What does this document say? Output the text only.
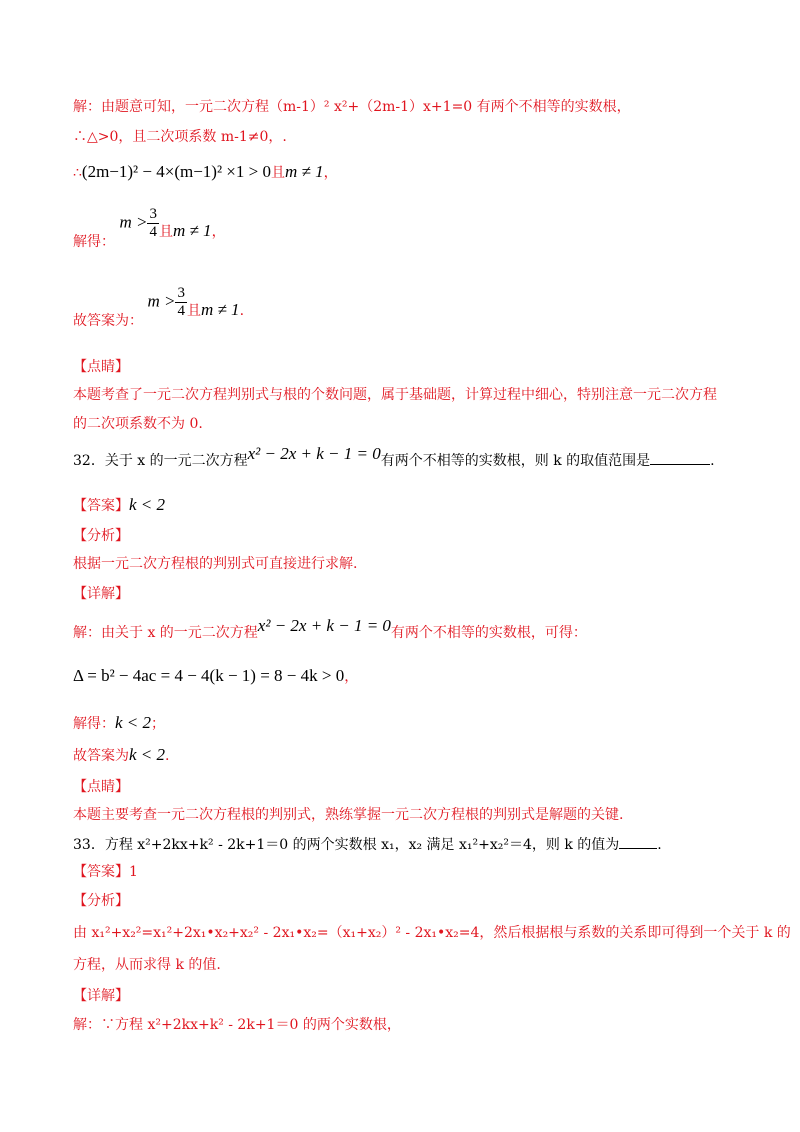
解：由题意可知，一元二次方程（m-1）² x²+（2m-1）x+1=0 有两个不相等的实数根，
∴△>0，且二次项系数 m-1≠0，.
∴(2m−1)² − 4×(m−1)² ×1 > 0且m ≠ 1，
解得： $m > \frac{3}{4}$ 且m ≠ 1，
故答案为： $m > \frac{3}{4}$ 且m ≠ 1.
【点睛】
本题考查了一元二次方程判别式与根的个数问题，属于基础题，计算过程中细心，特别注意一元二次方程
的二次项系数不为 0.
32．关于 x 的一元二次方程x² − 2x + k − 1 = 0有两个不相等的实数根，则 k 的取值范围是	.
【答案】k < 2
【分析】
根据一元二次方程根的判别式可直接进行求解.
【详解】
解：由关于 x 的一元二次方程x² − 2x + k − 1 = 0有两个不相等的实数根，可得：
Δ = b² − 4ac = 4 − 4(k − 1) = 8 − 4k > 0，
解得：k < 2；
故答案为k < 2.
【点睛】
本题主要考查一元二次方程根的判别式，熟练掌握一元二次方程根的判别式是解题的关键.
33．方程 x²+2kx+k² - 2k+1＝0 的两个实数根 x₁，x₂ 满足 x₁²+x₂²＝4，则 k 的值为	.
【答案】1
【分析】
由 x₁²+x₂²=x₁²+2x₁•x₂+x₂² - 2x₁•x₂=（x₁+x₂）² - 2x₁•x₂=4，然后根据根与系数的关系即可得到一个关于 k 的
方程，从而求得 k 的值.
【详解】
解：∵方程 x²+2kx+k² - 2k+1＝0 的两个实数根，
